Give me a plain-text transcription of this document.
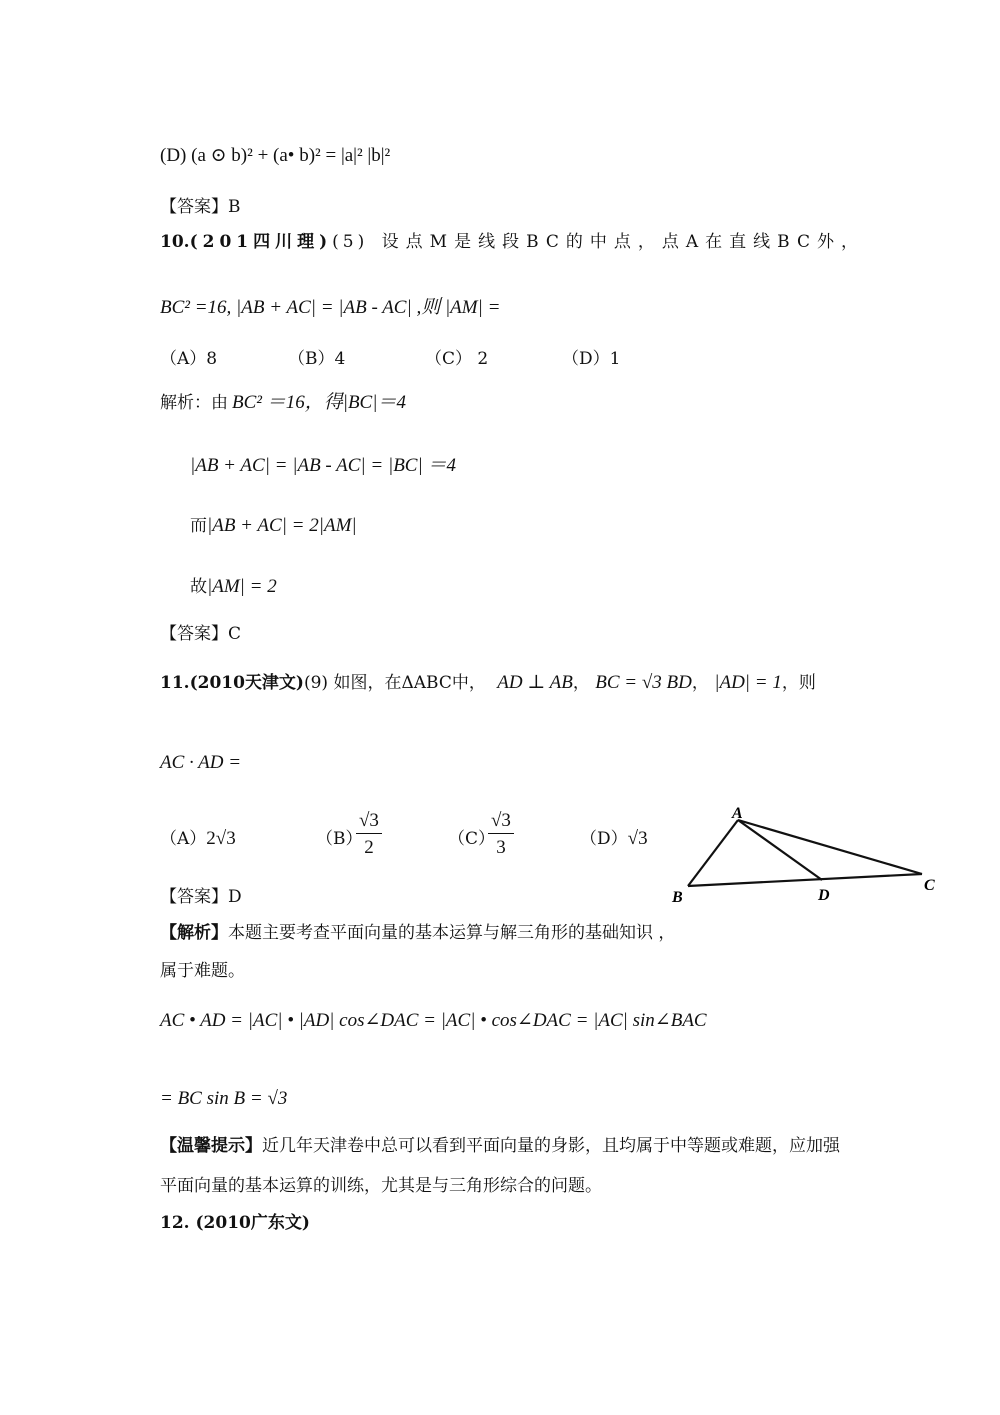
(D) (a ⊙ b)² + (a• b)² = |a|² |b|²
【答案】B
10.(201四川理)(5) 设点M是线段BC的中点，点A在直线BC外，
BC² =16, |AB + AC| = |AB - AC| ,则 |AM| =
（A）8	（B）4	（C） 2	（D）1
解析：由 BC² ＝16，得|BC|＝4
|AB + AC| = |AB - AC| = |BC| ＝4
而|AB + AC| = 2|AM|
故|AM| = 2
【答案】C
11.(2010天津文)(9) 如图，在ΔABC中， AD ⊥ AB， BC = √3 BD， |AD| = 1，则
AC · AD =
（A）2√3	（B）
$\frac{√3}{2}$	（C）
$\frac{√3}{3}$	（D）√3
A
B
C
D
【答案】D
【解析】本题主要考查平面向量的基本运算与解三角形的基础知识 ，
属于难题。
AC • AD = |AC| • |AD| cos∠DAC = |AC| • cos∠DAC = |AC| sin∠BAC
= BC sin B = √3
【温馨提示】近几年天津卷中总可以看到平面向量的身影，且均属于中等题或难题，应加强
平面向量的基本运算的训练，尤其是与三角形综合的问题。
12. (2010广东文)
